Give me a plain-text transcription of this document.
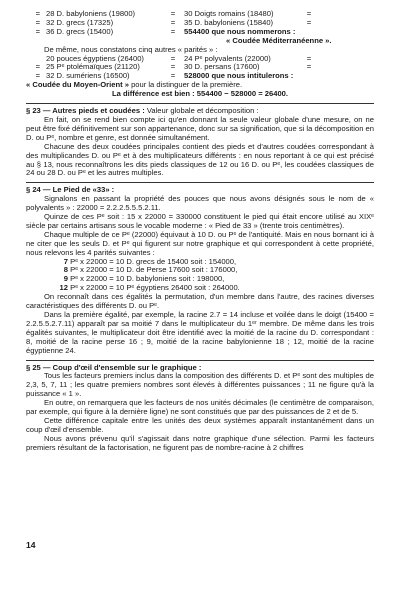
= 28 D. babyloniens (19800)	= 30 Doigts romains (18480)	=
= 32 D. grecs (17325)	= 35 D. babyloniens (15840)	=
= 36 D. grecs (15400)	= 554400 que nous nommerons :
« Coudée Méditerranéenne ».

De même, nous constatons cinq autres « parités » :

20 pouces égyptiens (26400)	= 24 Pᵉ polyvalents (22000)	=
= 25 Pᵉ ptolémaïques (21120)	= 30 D. persans (17600)	=
= 32 D. sumériens (16500)	= 528000 que nous intitulerons :

« Coudée du Moyen-Orient » pour la distinguer de la première.

La différence est bien : 554400 − 528000 = 26400.

§ 23 — Autres pieds et coudées : Valeur globale et décomposition :

En fait, on se rend bien compte ici qu'en donnant la seule valeur globale d'une mesure, on ne peut être fixé définitivement sur son appartenance, donc sur sa signification, que si la décomposition en D. ou Pᵉ, nombre et genre, est donnée simultanément.

Chacune des deux coudées principales contient des pieds et d'autres coudées correspondant à des multiplicandes D. ou Pᵉ et à des multiplicateurs différents : en nous reportant à ce qui est précisé au § 13, nous reconnaîtrons les dits pieds classiques de 12 ou 16 D. ou Pᵉ, les coudées classiques de 24 ou 28 D. ou Pᵉ et les autres multiples.

§ 24 — Le Pied de «33» :

Signalons en passant la propriété des pouces que nous avons désignés sous le nom de « polyvalents » : 22000 = 2.2.2.5.5.5.2.11.

Quinze de ces Pᵉ soit : 15 x 22000 = 330000 constituent le pied qui était encore utilisé au XIXᵉ siècle par certains artisans sous le vocable moderne : « Pied de 33 » (trente trois centimètres).

Chaque multiple de ce Pᵉ (22000) équivaut à 10 D. ou Pᵉ de l'antiquité. Mais en nous bornant ici à ne citer que les seuls D. et Pᵉ qui figurent sur notre graphique et qui correspondent à cette propriété, nous relevons les 4 parités suivantes :

7 Pᵉ x 22000 = 10 D. grecs de 15400 soit : 154000,
8 Pᵉ x 22000 = 10 D. de Perse 17600 soit : 176000,
9 Pᵉ x 22000 = 10 D. babyloniens soit : 198000,
12 Pᵉ x 22000 = 10 Pᵉ égyptiens 26400 soit : 264000.

On reconnaît dans ces égalités la permutation, d'un membre dans l'autre, des racines diverses caractéristiques des différents D. ou Pᵉ.

Dans la première égalité, par exemple, la racine 2.7 = 14 incluse et voilée dans le doigt (15400 = 2.2.5.5.2.7.11) apparaît par sa moitié 7 dans le multiplicateur du 1ᵉʳ membre. De même dans les trois égalités suivantes, le multiplicateur doit être identifié avec la moitié de la racine du D. correspondant : 8, moitié de la racine perse 16 ; 9, moitié de la racine babylonienne 18 ; 12, moitié de la racine égyptienne 24.

§ 25 — Coup d'œil d'ensemble sur le graphique :

Tous les facteurs premiers inclus dans la composition des différents D. et Pᵉ sont des multiples de 2,3, 5, 7, 11 ; les quatre premiers nombres sont élevés à différentes puissances ; 11 ne figure qu'à la puissance « 1 ».

En outre, on remarquera que les facteurs de nos unités décimales (le centimètre de comparaison, par exemple, qui figure à la dernière ligne) ne sont constitués que par des puissances de 2 et de 5.

Cette différence capitale entre les unités des deux systèmes apparaît instantanément dans un coup d'œil d'ensemble.

Nous avons prévenu qu'il s'agissait dans notre graphique d'une sélection. Parmi les facteurs premiers résultant de la factorisation, ne figurent pas de nombre-racine à 2 chiffres

14
